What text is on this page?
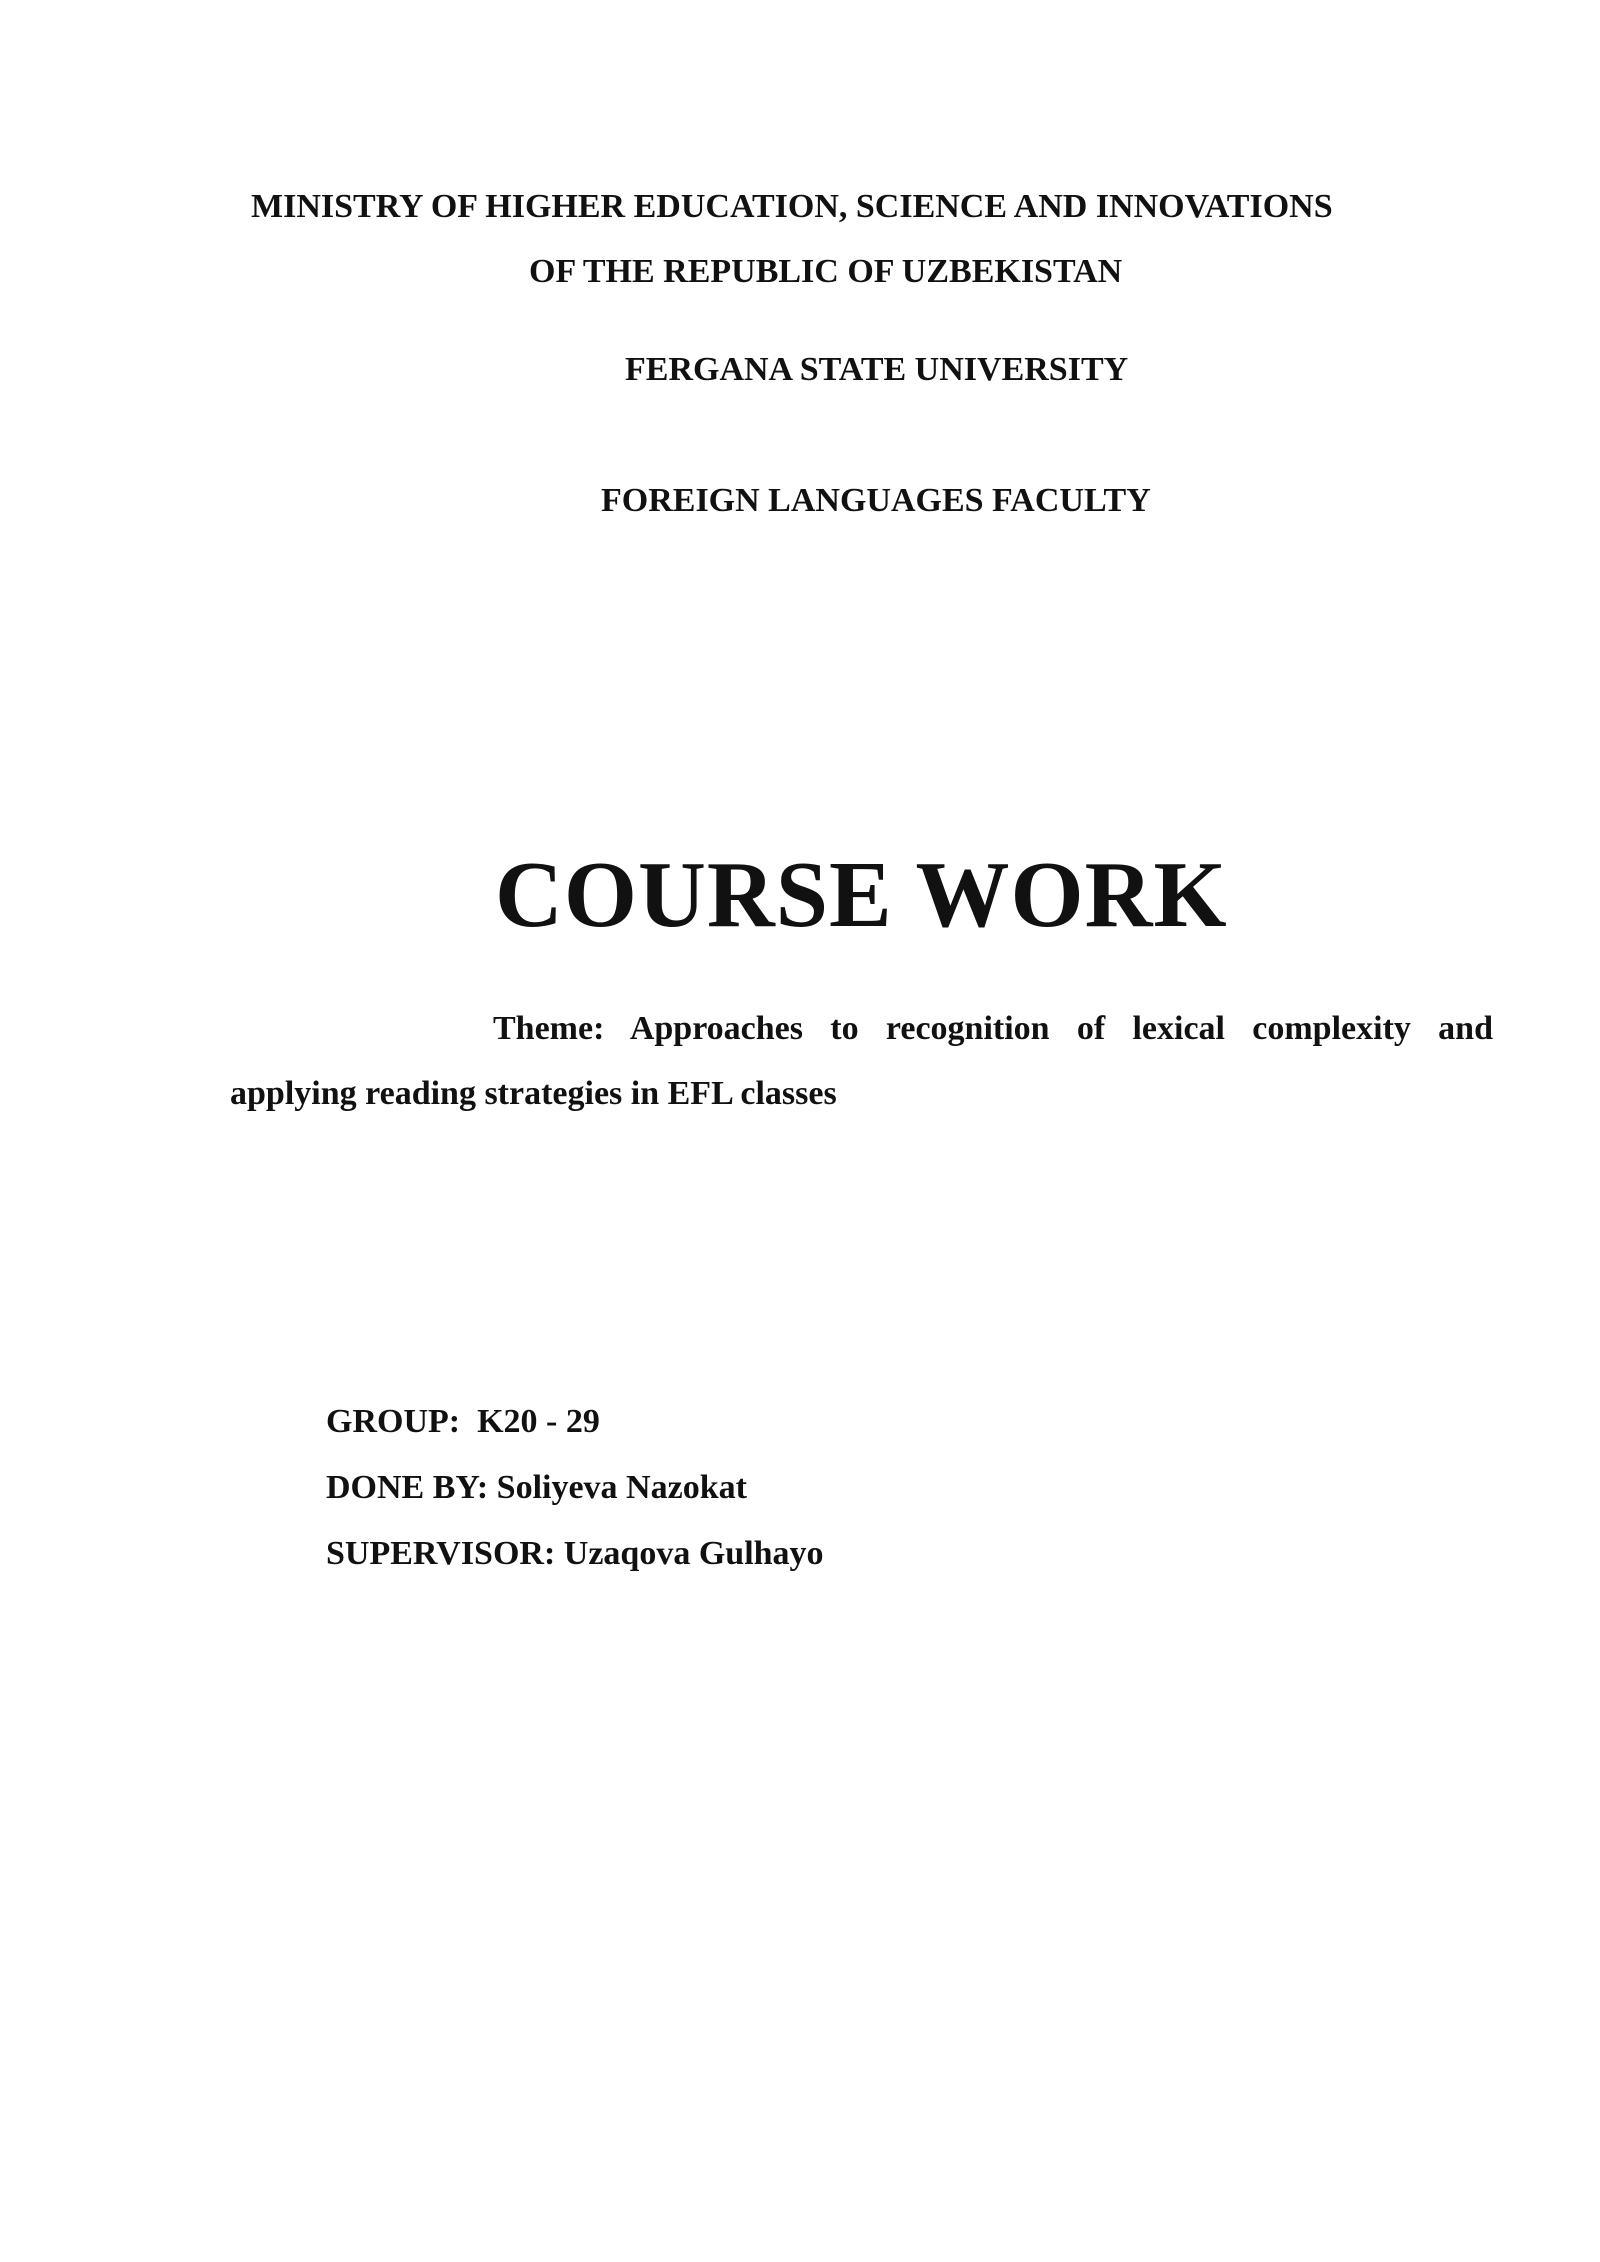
MINISTRY OF HIGHER EDUCATION, SCIENCE AND INNOVATIONS
OF THE REPUBLIC OF UZBEKISTAN
FERGANA STATE UNIVERSITY
FOREIGN LANGUAGES FACULTY
COURSE WORK
Theme: Approaches to recognition of lexical complexity and
applying reading strategies in EFL classes
GROUP:  K20 - 29
DONE BY: Soliyeva Nazokat
SUPERVISOR: Uzaqova Gulhayo
